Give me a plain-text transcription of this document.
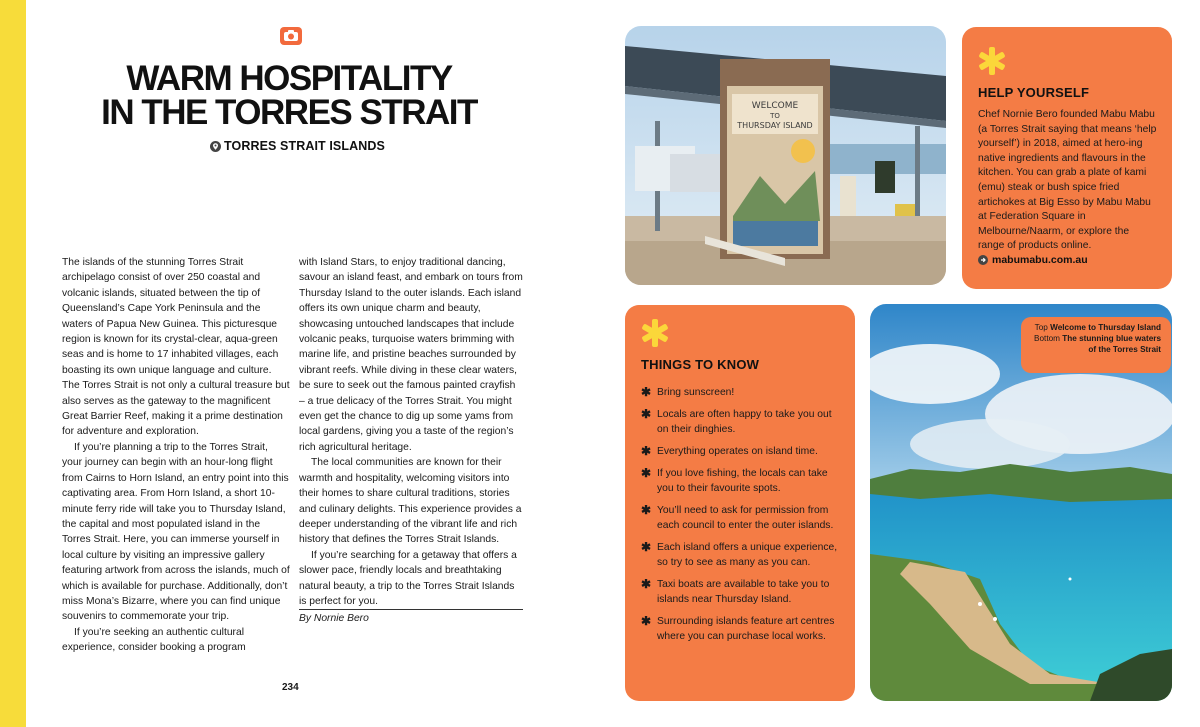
WARM HOSPITALITY
IN THE TORRES STRAIT
TORRES STRAIT ISLANDS

The islands of the stunning Torres Strait archipelago consist of over 250 coastal and volcanic islands, situated between the tip of Queensland’s Cape York Peninsula and the waters of Papua New Guinea. This picturesque region is known for its crystal-clear, aqua-green seas and is home to 17 inhabited villages, each boasting its own unique language and culture. The Torres Strait is not only a cultural treasure but also serves as the gateway to the magnificent Great Barrier Reef, making it a prime destination for adventure and exploration.

If you’re planning a trip to the Torres Strait, your journey can begin with an hour-long flight from Cairns to Horn Island, an entry point into this captivating area. From Horn Island, a short 10-minute ferry ride will take you to Thursday Island, the capital and most populated island in the Torres Strait. Here, you can immerse yourself in local culture by visiting an impressive gallery featuring artwork from across the islands, much of which is available for purchase. Additionally, don’t miss Mona’s Bizarre, where you can find unique souvenirs to commemorate your trip.

If you’re seeking an authentic cultural experience, consider booking a program

with Island Stars, to enjoy traditional dancing, savour an island feast, and embark on tours from Thursday Island to the outer islands. Each island offers its own unique charm and beauty, showcasing untouched landscapes that include volcanic peaks, turquoise waters brimming with marine life, and pristine beaches surrounded by vibrant reefs. While diving in these clear waters, be sure to seek out the famous painted crayfish – a true delicacy of the Torres Strait. You might even get the chance to dig up some yams from local gardens, giving you a taste of the region’s rich agricultural heritage.

The local communities are known for their warmth and hospitality, welcoming visitors into their homes to share cultural traditions, stories and culinary delights. This experience provides a deeper understanding of the vibrant life and rich history that defines the Torres Strait Islands.

If you’re searching for a getaway that offers a slower pace, friendly locals and breathtaking natural beauty, a trip to the Torres Strait Islands is perfect for you.

By Nornie Bero

234
WELCOME
TO
THURSDAY ISLAND
HELP YOURSELF

Chef Nornie Bero founded Mabu Mabu (a Torres Strait saying that means ‘help yourself’) in 2018, aimed at hero-ing native ingredients and flavours in the kitchen. You can grab a plate of kami (emu) steak or bush spice fried artichokes at Big Esso by Mabu Mabu at Federation Square in Melbourne/Naarm, or explore the range of products online.

mabumabu.com.au
THINGS TO KNOW
✱ Bring sunscreen!
✱ Locals are often happy to take you out on their dinghies.
✱ Everything operates on island time.
✱ If you love fishing, the locals can take you to their favourite spots.
✱ You’ll need to ask for permission from each council to enter the outer islands.
✱ Each island offers a unique experience, so try to see as many as you can.
✱ Taxi boats are available to take you to islands near Thursday Island.
✱ Surrounding islands feature art centres where you can purchase local works.
Top Welcome to Thursday Island
Bottom The stunning blue waters of the Torres Strait
